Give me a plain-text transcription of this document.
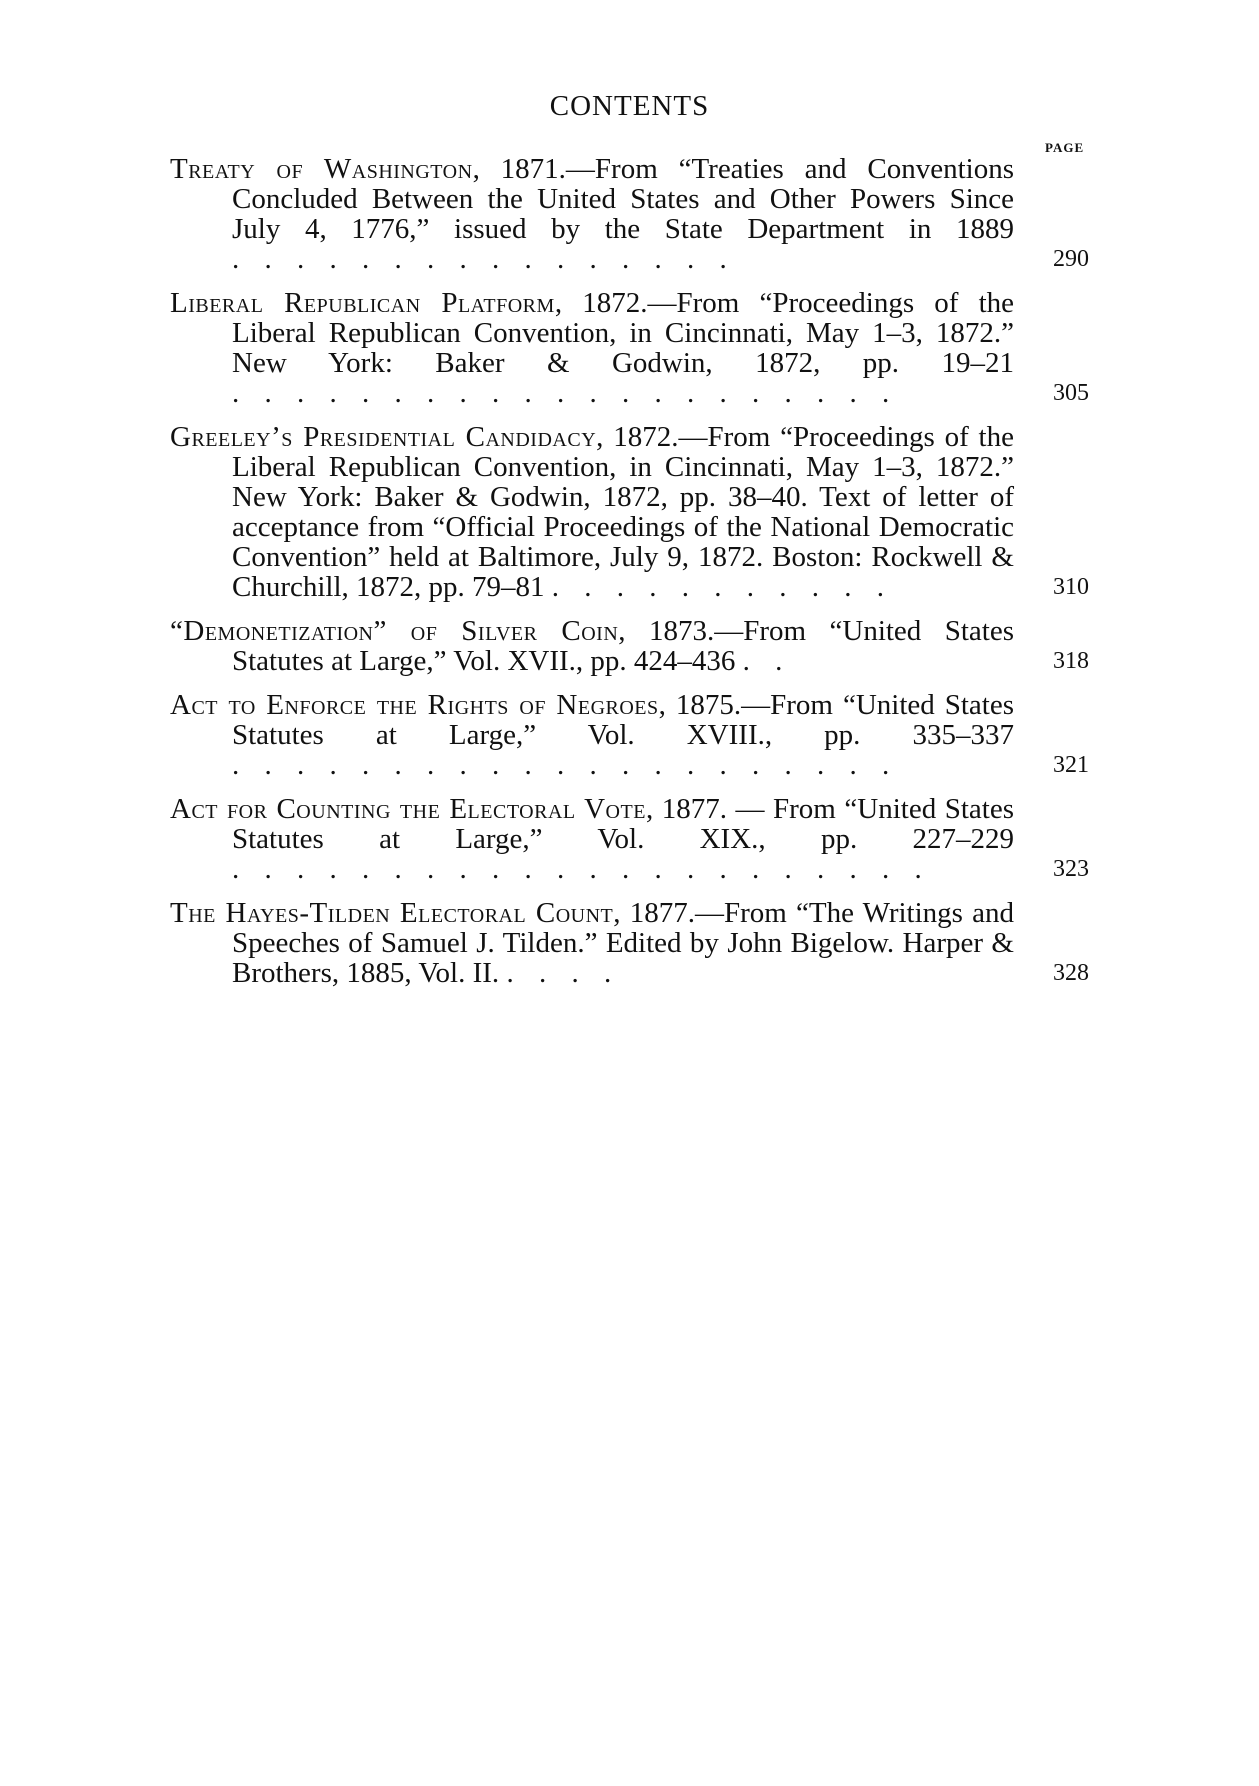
CONTENTS
PAGE
Treaty of Washington, 1871.—From “Treaties and Conventions Concluded Between the United States and Other Powers Since July 4, 1776,” issued by the State Department in 1889 . . . . . . . . . . . . . . . .	290
Liberal Republican Platform, 1872.—From “Proceedings of the Liberal Republican Convention, in Cincinnati, May 1–3, 1872.” New York: Baker & Godwin, 1872, pp. 19–21 . . . . . . . . . . . . . . . . . . . . .	305
Greeley’s Presidential Candidacy, 1872.—From “Proceedings of the Liberal Republican Convention, in Cincinnati, May 1–3, 1872.” New York: Baker & Godwin, 1872, pp. 38–40. Text of letter of acceptance from “Official Proceedings of the National Democratic Convention” held at Baltimore, July 9, 1872. Boston: Rockwell & Churchill, 1872, pp. 79–81 . . . . . . . . . . .	310
“Demonetization” of Silver Coin, 1873.—From “United States Statutes at Large,” Vol. XVII., pp. 424–436 . .	318
Act to Enforce the Rights of Negroes, 1875.—From “United States Statutes at Large,” Vol. XVIII., pp. 335–337 . . . . . . . . . . . . . . . . . . . . .	321
Act for Counting the Electoral Vote, 1877. — From “United States Statutes at Large,” Vol. XIX., pp. 227–229 . . . . . . . . . . . . . . . . . . . . . .	323
The Hayes-Tilden Electoral Count, 1877.—From “The Writings and Speeches of Samuel J. Tilden.” Edited by John Bigelow. Harper & Brothers, 1885, Vol. II. . . . .	328
